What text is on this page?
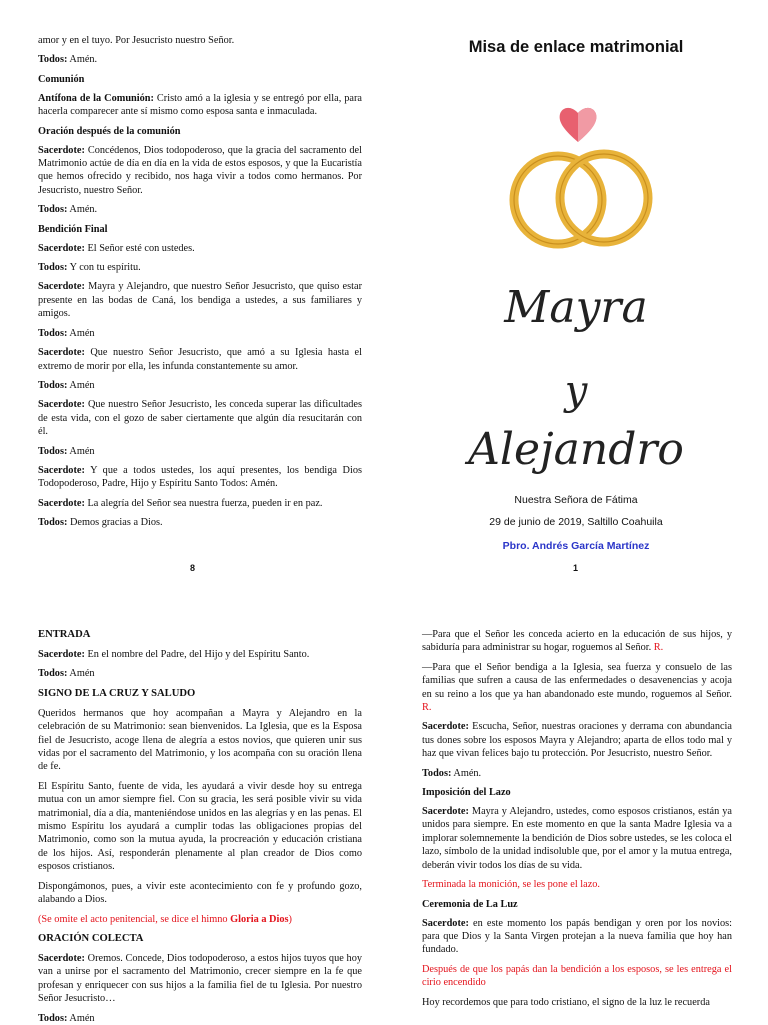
amor y en el tuyo. Por Jesucristo nuestro Señor.

Todos: Amén.

Comunión

Antífona de la Comunión: Cristo amó a la iglesia y se entregó por ella, para hacerla comparecer ante sí mismo como esposa santa e inmaculada.

Oración después de la comunión

Sacerdote: Concédenos, Dios todopoderoso, que la gracia del sacramento del Matrimonio actúe de día en día en la vida de estos esposos, y que la Eucaristía que hemos ofrecido y recibido, nos haga vivir a todos como hermanos. Por Jesucristo, nuestro Señor.

Todos: Amén.

Bendición Final

Sacerdote: El Señor esté con ustedes.

Todos: Y con tu espíritu.

Sacerdote: Mayra y Alejandro, que nuestro Señor Jesucristo, que quiso estar presente en las bodas de Caná, los bendiga a ustedes, a sus familiares y amigos.

Todos: Amén

Sacerdote: Que nuestro Señor Jesucristo, que amó a su Iglesia hasta el extremo de morir por ella, les infunda constantemente su amor.

Todos: Amén

Sacerdote: Que nuestro Señor Jesucristo, les conceda superar las dificultades de esta vida, con el gozo de saber ciertamente que algún día resucitarán con él.

Todos: Amén

Sacerdote: Y que a todos ustedes, los aquí presentes, los bendiga Dios Todopoderoso, Padre, Hijo y Espíritu Santo Todos: Amén.

Sacerdote: La alegría del Señor sea nuestra fuerza, pueden ir en paz.

Todos: Demos gracias a Dios.

8
Misa de enlace matrimonial
Mayra
y
Alejandro
Nuestra Señora de Fátima
29 de junio de 2019, Saltillo Coahuila
Pbro. Andrés García Martínez
1

ENTRADA

Sacerdote: En el nombre del Padre, del Hijo y del Espíritu Santo.

Todos: Amén

SIGNO DE LA CRUZ Y SALUDO

Queridos hermanos que hoy acompañan a Mayra y Alejandro en la celebración de su Matrimonio: sean bienvenidos. La Iglesia, que es la Esposa fiel de Jesucristo, acoge llena de alegría a estos novios, que quieren unir sus vidas por el sacramento del Matrimonio, y los acompaña con su oración llena de fe.

El Espíritu Santo, fuente de vida, les ayudará a vivir desde hoy su entrega mutua con un amor siempre fiel. Con su gracia, les será posible vivir su vida matrimonial, día a día, manteniéndose unidos en las alegrías y en las penas. El mismo Espíritu los ayudará a cumplir todas las obligaciones propias del Matrimonio, como son la mutua ayuda, la procreación y educación cristiana de los hijos. Así, responderán plenamente al plan creador de Dios como esposos cristianos.

Dispongámonos, pues, a vivir este acontecimiento con fe y profundo gozo, alabando a Dios.

(Se omite el acto penitencial, se dice el himno Gloria a Dios)

ORACIÓN COLECTA

Sacerdote: Oremos. Concede, Dios todopoderoso, a estos hijos tuyos que hoy van a unirse por el sacramento del Matrimonio, crecer siempre en la fe que profesan y enriquecer con sus hijos a la familia fiel de tu Iglesia. Por nuestro Señor Jesucristo…

Todos: Amén

—Para que el Señor les conceda acierto en la educación de sus hijos, y sabiduría para administrar su hogar, roguemos al Señor. R.

—Para que el Señor bendiga a la Iglesia, sea fuerza y consuelo de las familias que sufren a causa de las enfermedades o desavenencias y acoja en su reino a los que ya han abandonado este mundo, roguemos al Señor. R.

Sacerdote: Escucha, Señor, nuestras oraciones y derrama con abundancia tus dones sobre los esposos Mayra y Alejandro; aparta de ellos todo mal y haz que vivan felices bajo tu protección. Por Jesucristo, nuestro Señor.

Todos: Amén.

Imposición del Lazo

Sacerdote: Mayra y Alejandro, ustedes, como esposos cristianos, están ya unidos para siempre. En este momento en que la santa Madre Iglesia va a implorar solemnemente la bendición de Dios sobre ustedes, se les coloca el lazo, símbolo de la unidad indisoluble que, por el amor y la mutua entrega, deberán vivir todos los días de su vida.

Terminada la monición, se les pone el lazo.

Ceremonia de La Luz

Sacerdote: en este momento los papás bendigan y oren por los novios: para que Dios y la Santa Virgen protejan a la nueva familia que hoy han fundado.

Después de que los papás dan la bendición a los esposos, se les entrega el cirio encendido

Hoy recordemos que para todo cristiano, el signo de la luz le recuerda
